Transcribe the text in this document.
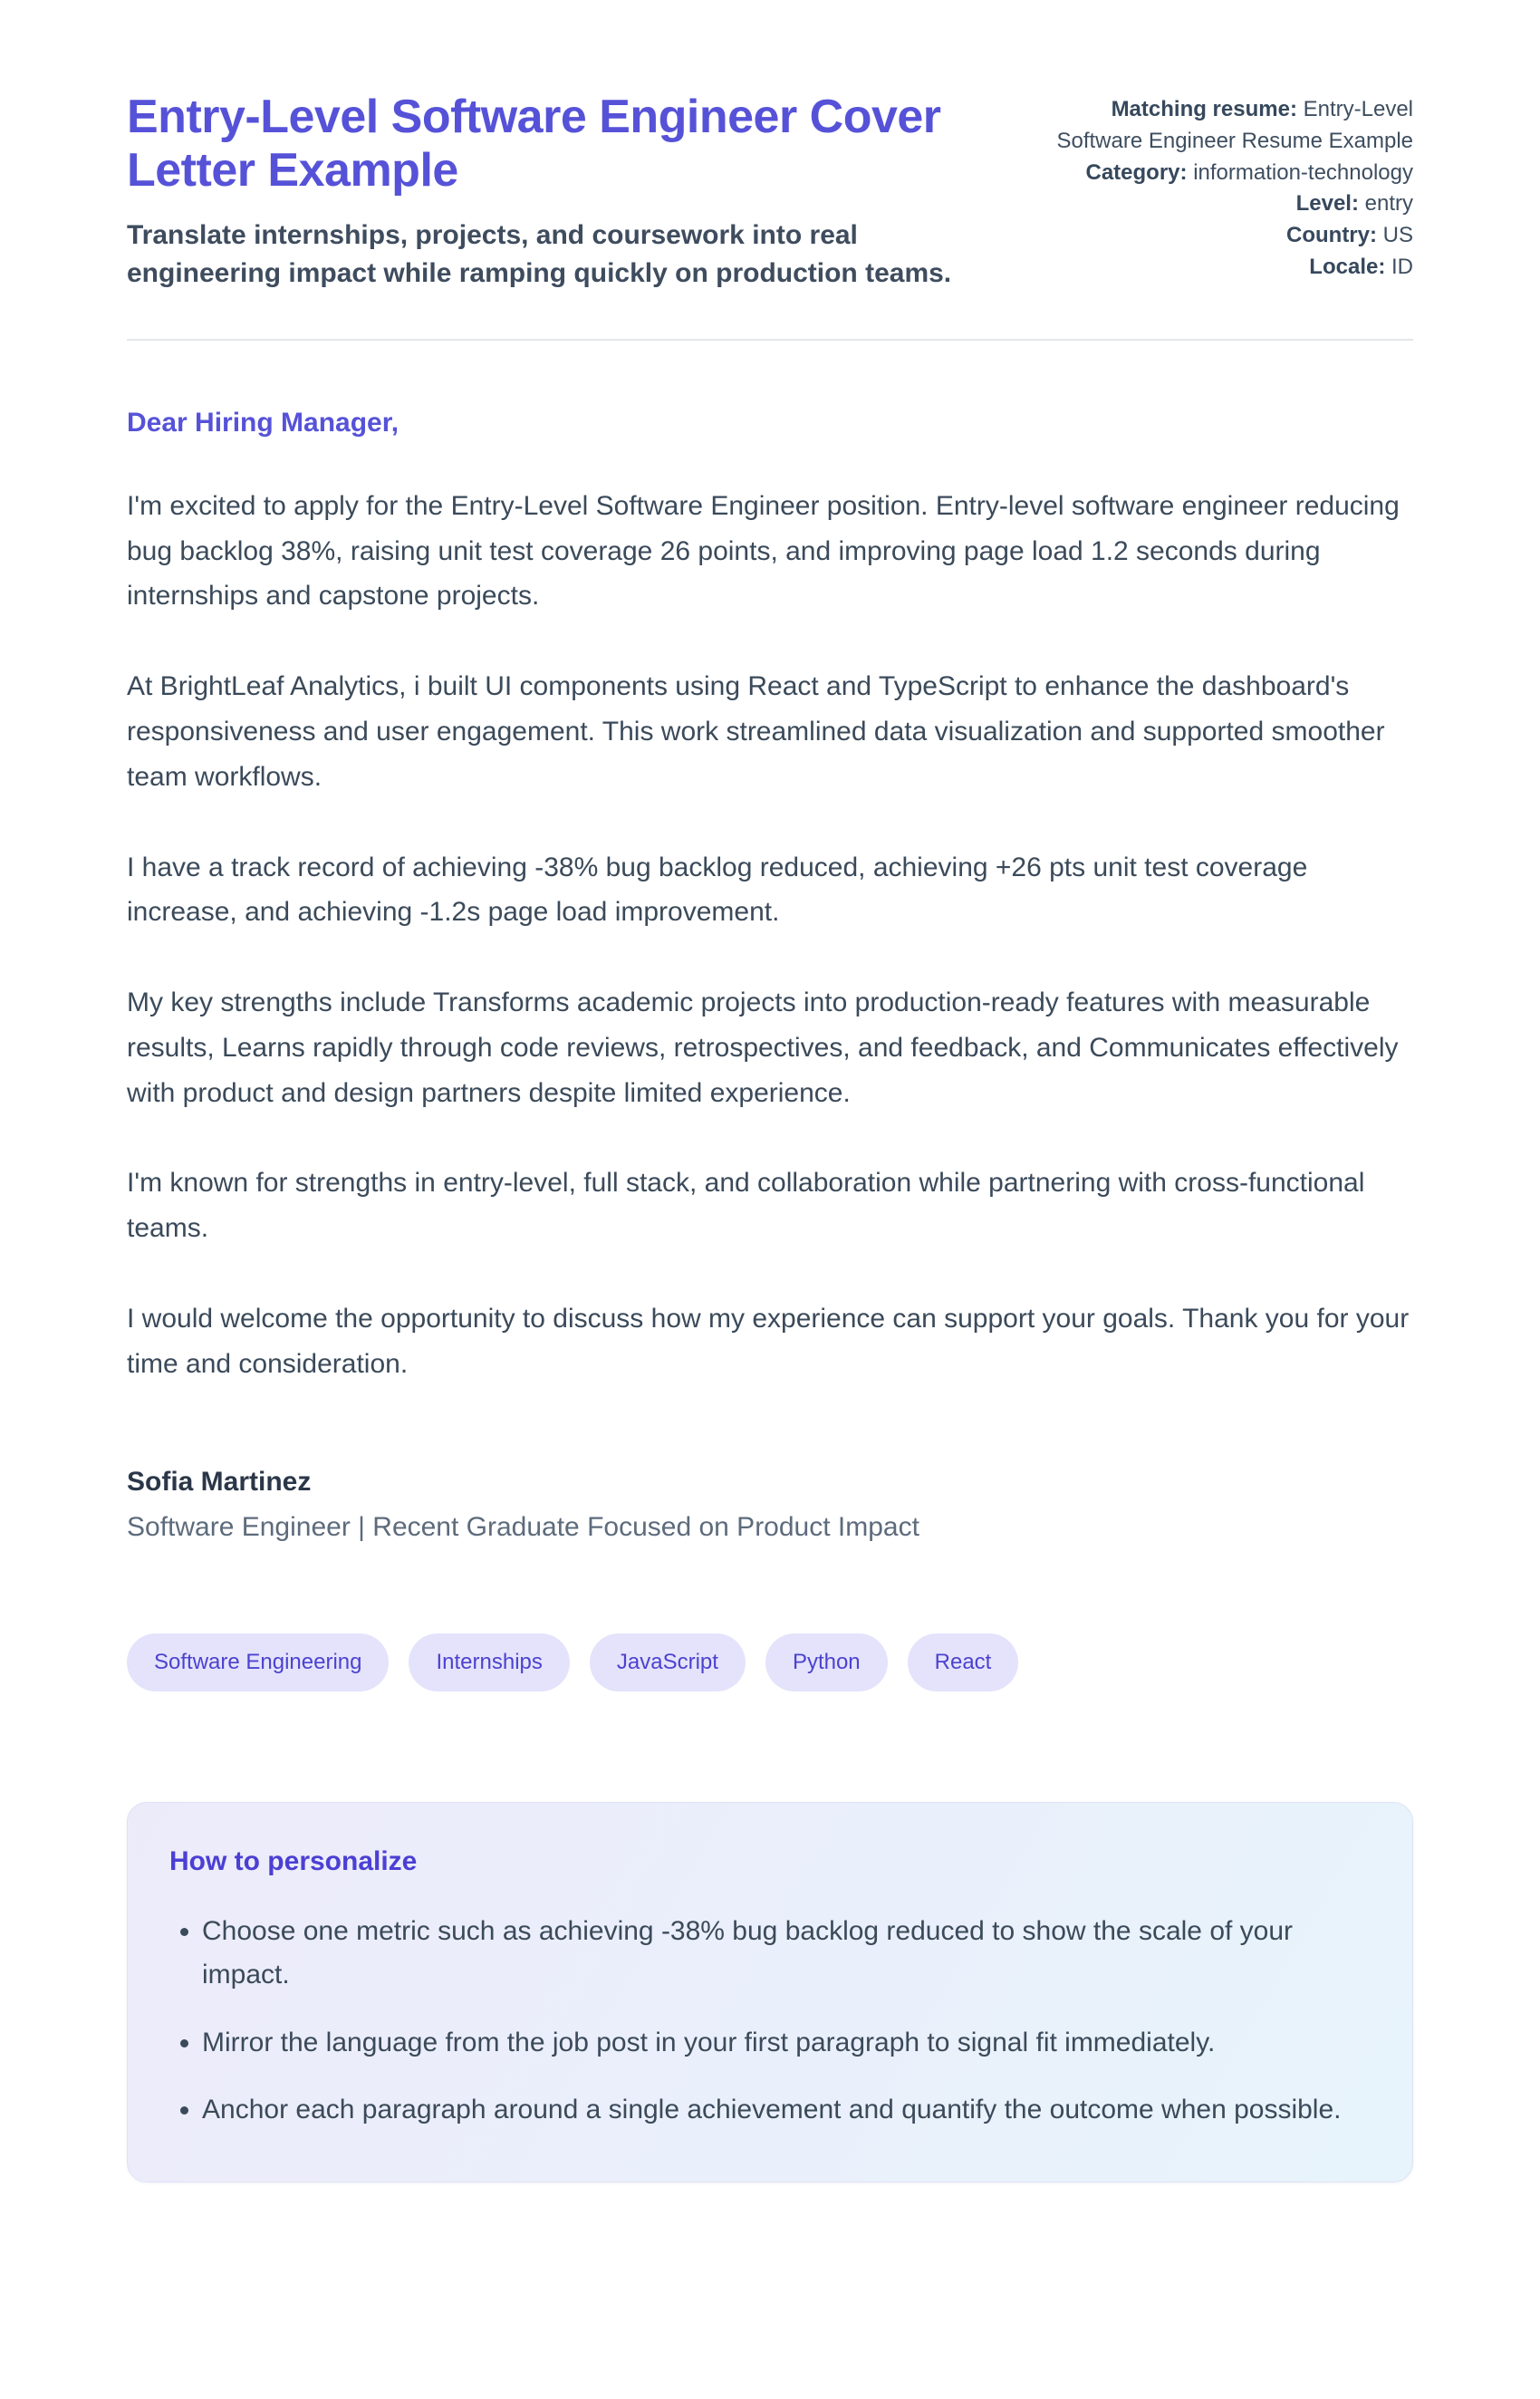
Entry-Level Software Engineer Cover Letter Example

Translate internships, projects, and coursework into real engineering impact while ramping quickly on production teams.

Matching resume: Entry-Level Software Engineer Resume Example

Category: information-technology

Level: entry

Country: US

Locale: ID

Dear Hiring Manager,

I'm excited to apply for the Entry-Level Software Engineer position. Entry-level software engineer reducing bug backlog 38%, raising unit test coverage 26 points, and improving page load 1.2 seconds during internships and capstone projects.

At BrightLeaf Analytics, i built UI components using React and TypeScript to enhance the dashboard's responsiveness and user engagement. This work streamlined data visualization and supported smoother team workflows.

I have a track record of achieving -38% bug backlog reduced, achieving +26 pts unit test coverage increase, and achieving -1.2s page load improvement.

My key strengths include Transforms academic projects into production-ready features with measurable results, Learns rapidly through code reviews, retrospectives, and feedback, and Communicates effectively with product and design partners despite limited experience.

I'm known for strengths in entry-level, full stack, and collaboration while partnering with cross-functional teams.

I would welcome the opportunity to discuss how my experience can support your goals. Thank you for your time and consideration.

Sofia Martinez

Software Engineer | Recent Graduate Focused on Product Impact

Software Engineering	Internships	JavaScript	Python	React
How to personalize
• Choose one metric such as achieving -38% bug backlog reduced to show the scale of your impact.
• Mirror the language from the job post in your first paragraph to signal fit immediately.
• Anchor each paragraph around a single achievement and quantify the outcome when possible.
